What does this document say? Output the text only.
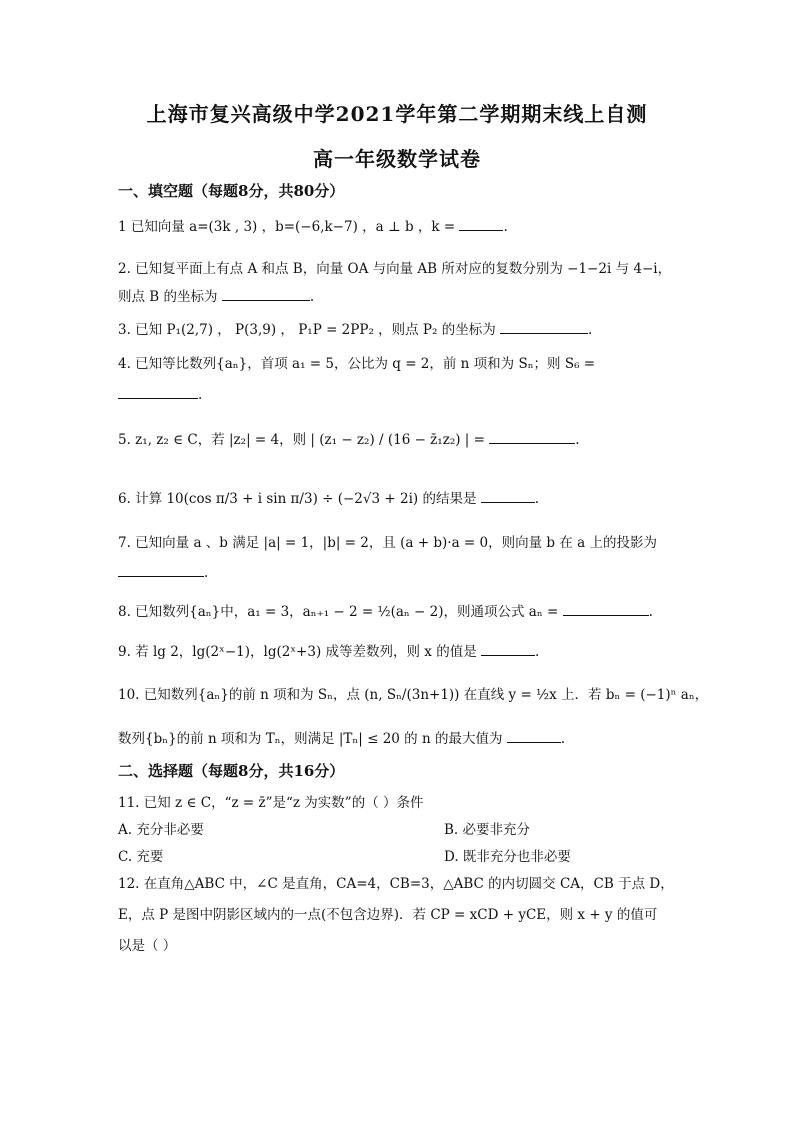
上海市复兴高级中学2021学年第二学期期末线上自测
高一年级数学试卷
一、填空题（每题8分，共80分）
1 已知向量 a=(3k , 3) ，b=(−6,k−7) ，a ⊥ b ，k =	.
2. 已知复平面上有点 A 和点 B，向量 OA 与向量 AB 所对应的复数分别为 −1−2i 与 4−i，
则点 B 的坐标为	.
3. 已知 P₁(2,7) ， P(3,9) ， P₁P = 2PP₂ ，则点 P₂ 的坐标为	.
4. 已知等比数列{aₙ}，首项 a₁ = 5，公比为 q = 2，前 n 项和为 Sₙ；则 S₆ =
.
5. z₁, z₂ ∈ C，若 |z₂| = 4，则 | (z₁ − z₂) / (16 − z̄₁z₂) | =	.
6. 计算 10(cos π/3 + i sin π/3) ÷ (−2√3 + 2i) 的结果是	.
7. 已知向量 a 、b 满足 |a| = 1，|b| = 2，且 (a + b)·a = 0，则向量 b 在 a 上的投影为
.
8. 已知数列{aₙ}中，a₁ = 3，aₙ₊₁ − 2 = ½(aₙ − 2)，则通项公式 aₙ =	.
9. 若 lg 2，lg(2ˣ−1)，lg(2ˣ+3) 成等差数列，则 x 的值是	.
10. 已知数列{aₙ}的前 n 项和为 Sₙ，点 (n, Sₙ/(3n+1)) 在直线 y = ½x 上．若 bₙ = (−1)ⁿ aₙ，
数列{bₙ}的前 n 项和为 Tₙ，则满足 |Tₙ| ≤ 20 的 n 的最大值为	.
二、选择题（每题8分，共16分）
11. 已知 z ∈ C，“z = z̄”是“z 为实数”的（ ）条件
A. 充分非必要	B. 必要非充分
C. 充要	D. 既非充分也非必要
12. 在直角△ABC 中，∠C 是直角，CA=4，CB=3，△ABC 的内切圆交 CA，CB 于点 D，
E，点 P 是图中阴影区域内的一点(不包含边界)．若 CP = xCD + yCE，则 x + y 的值可
以是（ ）
